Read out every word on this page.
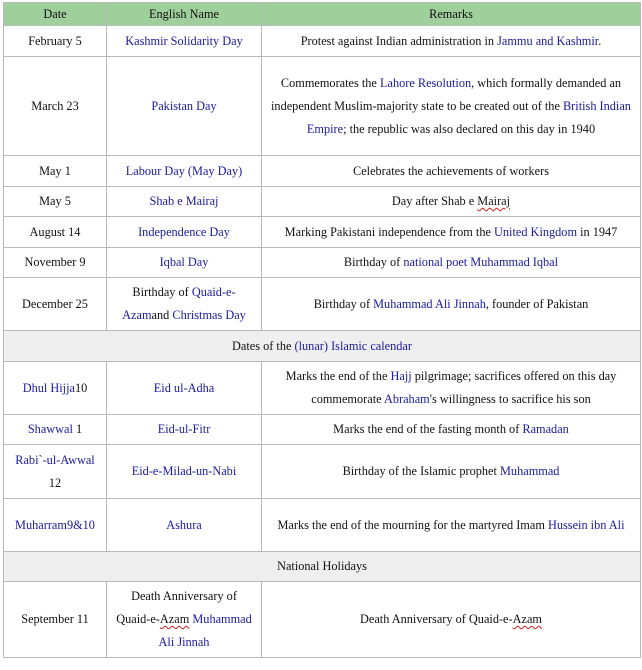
Date	English Name	Remarks
February 5	Kashmir Solidarity Day	Protest against Indian administration in Jammu and Kashmir.
March 23	Pakistan Day	Commemorates the Lahore Resolution, which formally demanded an independent Muslim-majority state to be created out of the British Indian Empire; the republic was also declared on this day in 1940
May 1	Labour Day (May Day)	Celebrates the achievements of workers
May 5	Shab e Mairaj	Day after Shab e Mairaj
August 14	Independence Day	Marking Pakistani independence from the United Kingdom in 1947
November 9	Iqbal Day	Birthday of national poet Muhammad Iqbal
December 25	Birthday of Quaid-e-Azamand Christmas Day	Birthday of Muhammad Ali Jinnah, founder of Pakistan
Dates of the (lunar) Islamic calendar		
Dhul Hijja10	Eid ul-Adha	Marks the end of the Hajj pilgrimage; sacrifices offered on this day commemorate Abraham's willingness to sacrifice his son
Shawwal 1	Eid-ul-Fitr	Marks the end of the fasting month of Ramadan
Rabi`-ul-Awwal 12	Eid-e-Milad-un-Nabi	Birthday of the Islamic prophet Muhammad
Muharram9&10	Ashura	Marks the end of the mourning for the martyred Imam Hussein ibn Ali
National Holidays		
September 11	Death Anniversary of Quaid-e-Azam Muhammad Ali Jinnah	Death Anniversary of Quaid-e-Azam
